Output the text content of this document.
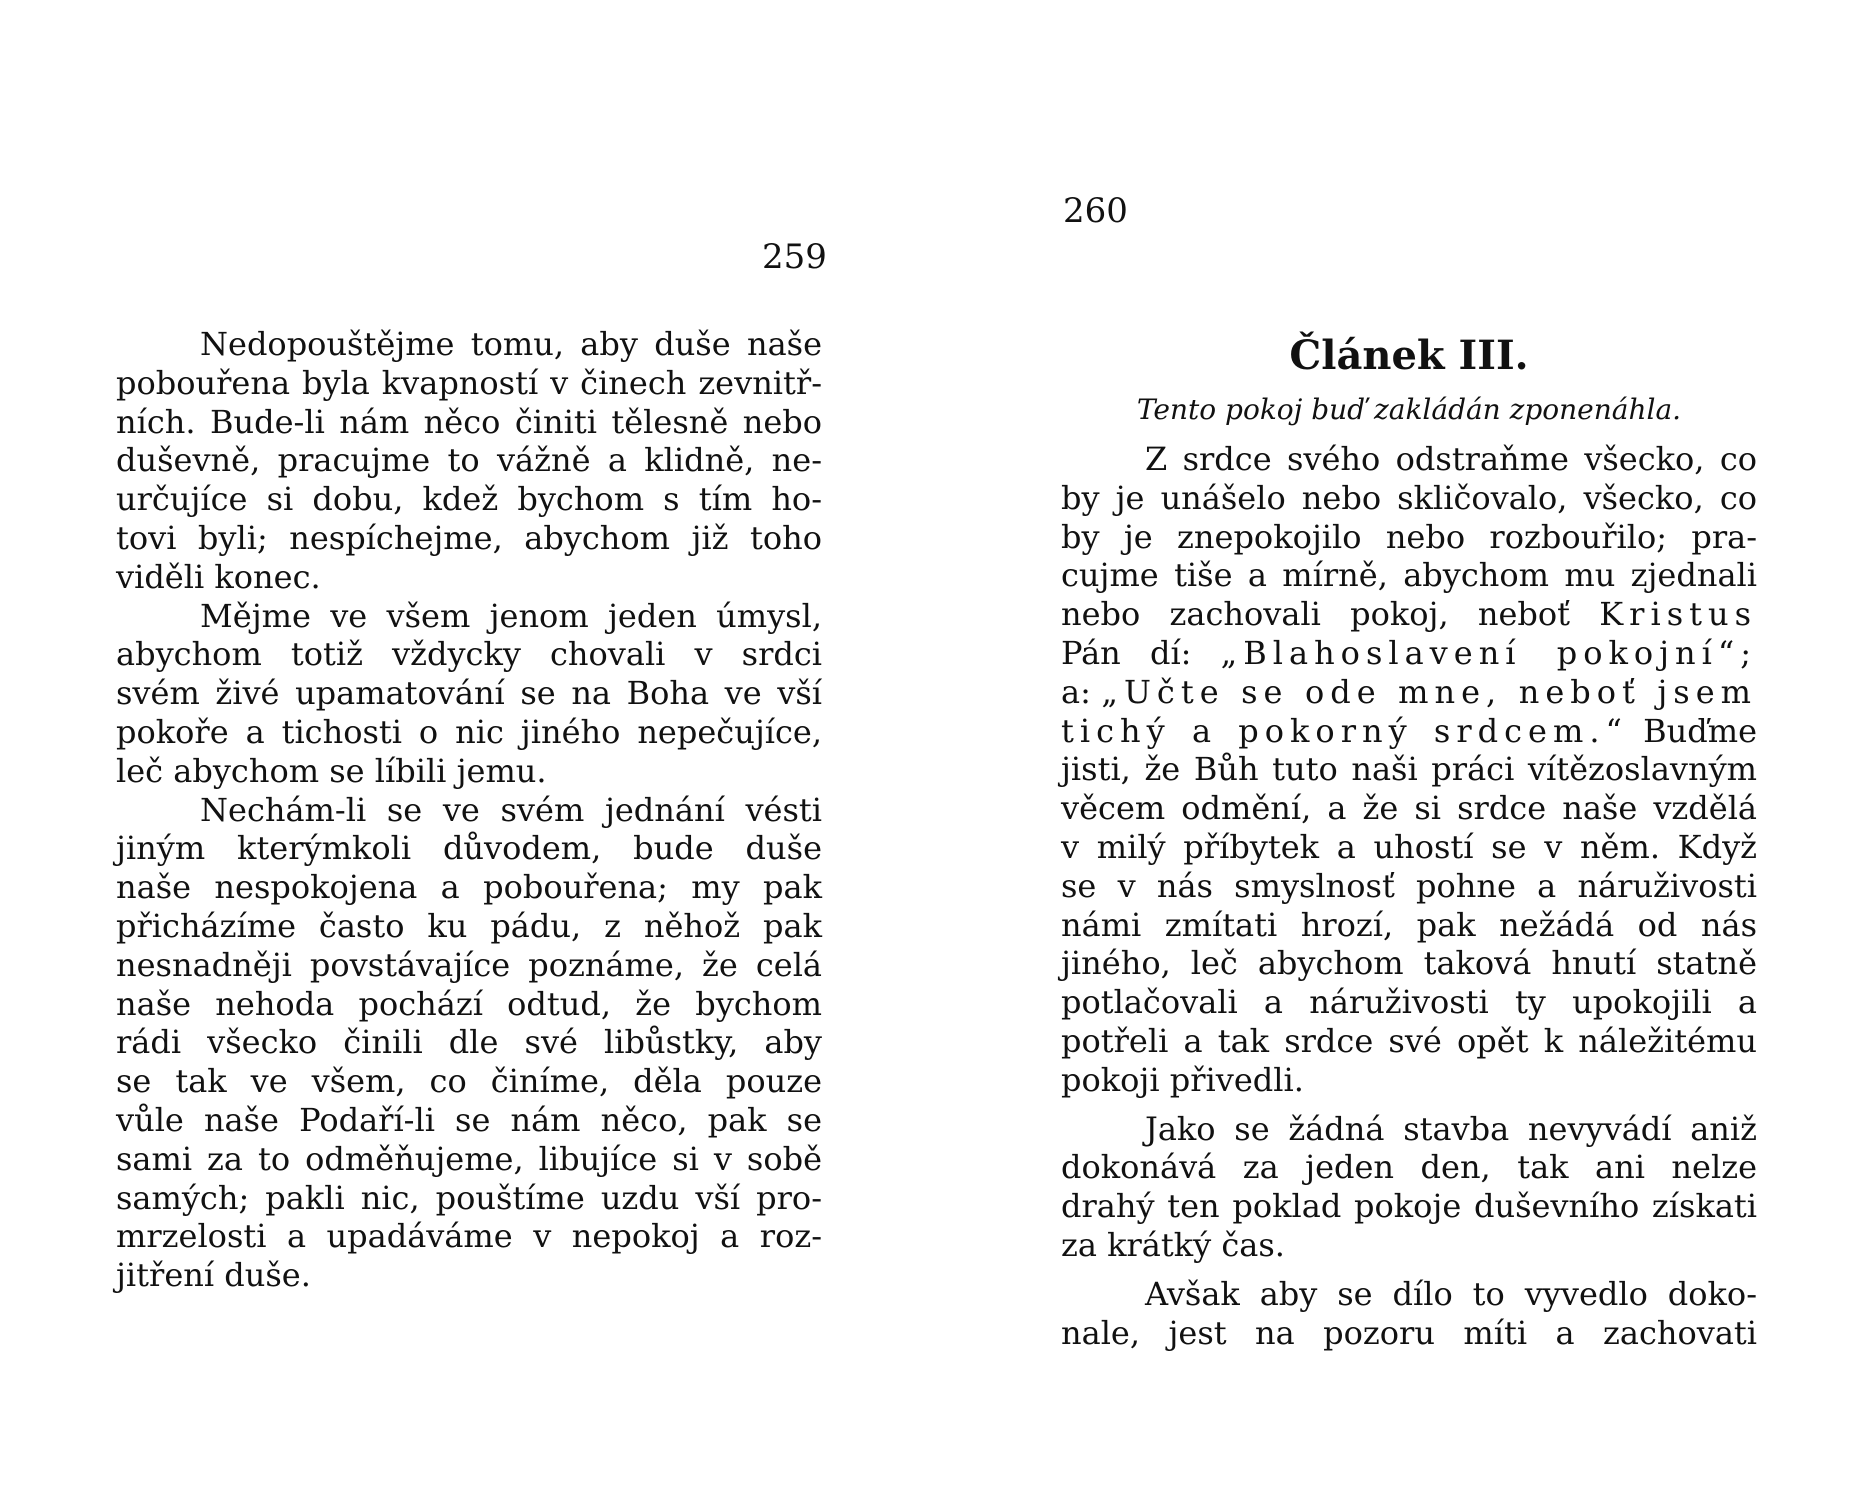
259
Nedopouštějme tomu, aby duše naše
pobouřena byla kvapností v činech zevnitř-
ních. Bude-li nám něco činiti tělesně nebo
duševně, pracujme to vážně a klidně, ne-
určujíce si dobu, kdež bychom s tím ho-
tovi byli; nespíchejme, abychom již toho
viděli konec.
Mějme ve všem jenom jeden úmysl,
abychom totiž vždycky chovali v srdci
svém živé upamatování se na Boha ve vší
pokoře a tichosti o nic jiného nepečujíce,
leč abychom se líbili jemu.
Nechám-li se ve svém jednání vésti
jiným kterýmkoli důvodem, bude duše
naše nespokojena a pobouřena; my pak
přicházíme často ku pádu, z něhož pak
nesnadněji povstávajíce poznáme, že celá
naše nehoda pochází odtud, že bychom
rádi všecko činili dle své libůstky, aby
se tak ve všem, co činíme, děla pouze
vůle naše Podaří-li se nám něco, pak se
sami za to odměňujeme, libujíce si v sobě
samých; pakli nic, pouštíme uzdu vší pro-
mrzelosti a upadáváme v nepokoj a roz-
jitření duše.
260
Článek III.
Tento pokoj buď zakládán zponenáhla.
Z srdce svého odstraňme všecko, co
by je unášelo nebo skličovalo, všecko, co
by je znepokojilo nebo rozbouřilo; pra-
cujme tiše a mírně, abychom mu zjednali
nebo zachovali pokoj, neboť Kristus
Pán dí: „Blahoslavení pokojní“;
a: „Učte se ode mne, neboť jsem
tichý a pokorný srdcem.“ Buďme
jisti, že Bůh tuto naši práci vítězoslavným
věcem odmění, a že si srdce naše vzdělá
v milý příbytek a uhostí se v něm. Když
se v nás smyslnosť pohne a náruživosti
námi zmítati hrozí, pak nežádá od nás
jiného, leč abychom taková hnutí statně
potlačovali a náruživosti ty upokojili a
potřeli a tak srdce své opět k náležitému
pokoji přivedli.
Jako se žádná stavba nevyvádí aniž
dokonává za jeden den, tak ani nelze
drahý ten poklad pokoje duševního získati
za krátký čas.
Avšak aby se dílo to vyvedlo doko-
nale, jest na pozoru míti a zachovati
